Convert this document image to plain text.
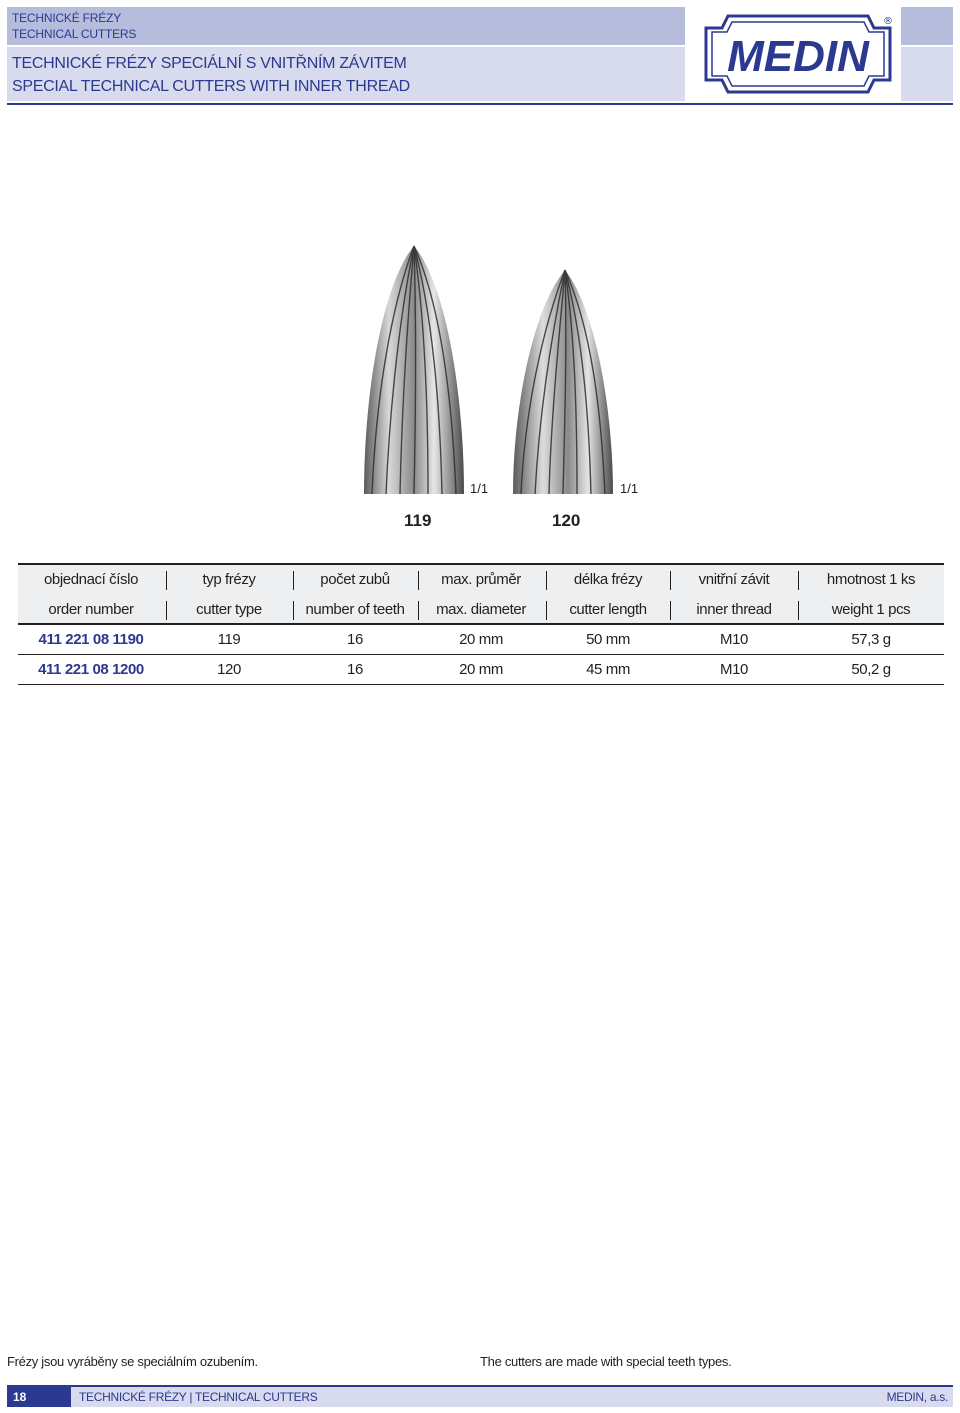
TECHNICKÉ FRÉZY
TECHNICAL CUTTERS
TECHNICKÉ FRÉZY SPECIÁLNÍ S VNITŘNÍM ZÁVITEM
SPECIAL TECHNICAL CUTTERS WITH INNER THREAD
MEDIN
®
1/1	1/1
119	120
objednací číslo	typ frézy	počet zubů	max. průměr	délka frézy	vnitřní závit	hmotnost 1 ks
order number	cutter type	number of teeth	max. diameter	cutter length	inner thread	weight 1 pcs
411 221 08 1190	119	16	20 mm	50 mm	M10	57,3 g
411 221 08 1200	120	16	20 mm	45 mm	M10	50,2 g
Frézy jsou vyráběny se speciálním ozubením.	The cutters are made with special teeth types.
18	TECHNICKÉ FRÉZY | TECHNICAL CUTTERS	MEDIN, a.s.
